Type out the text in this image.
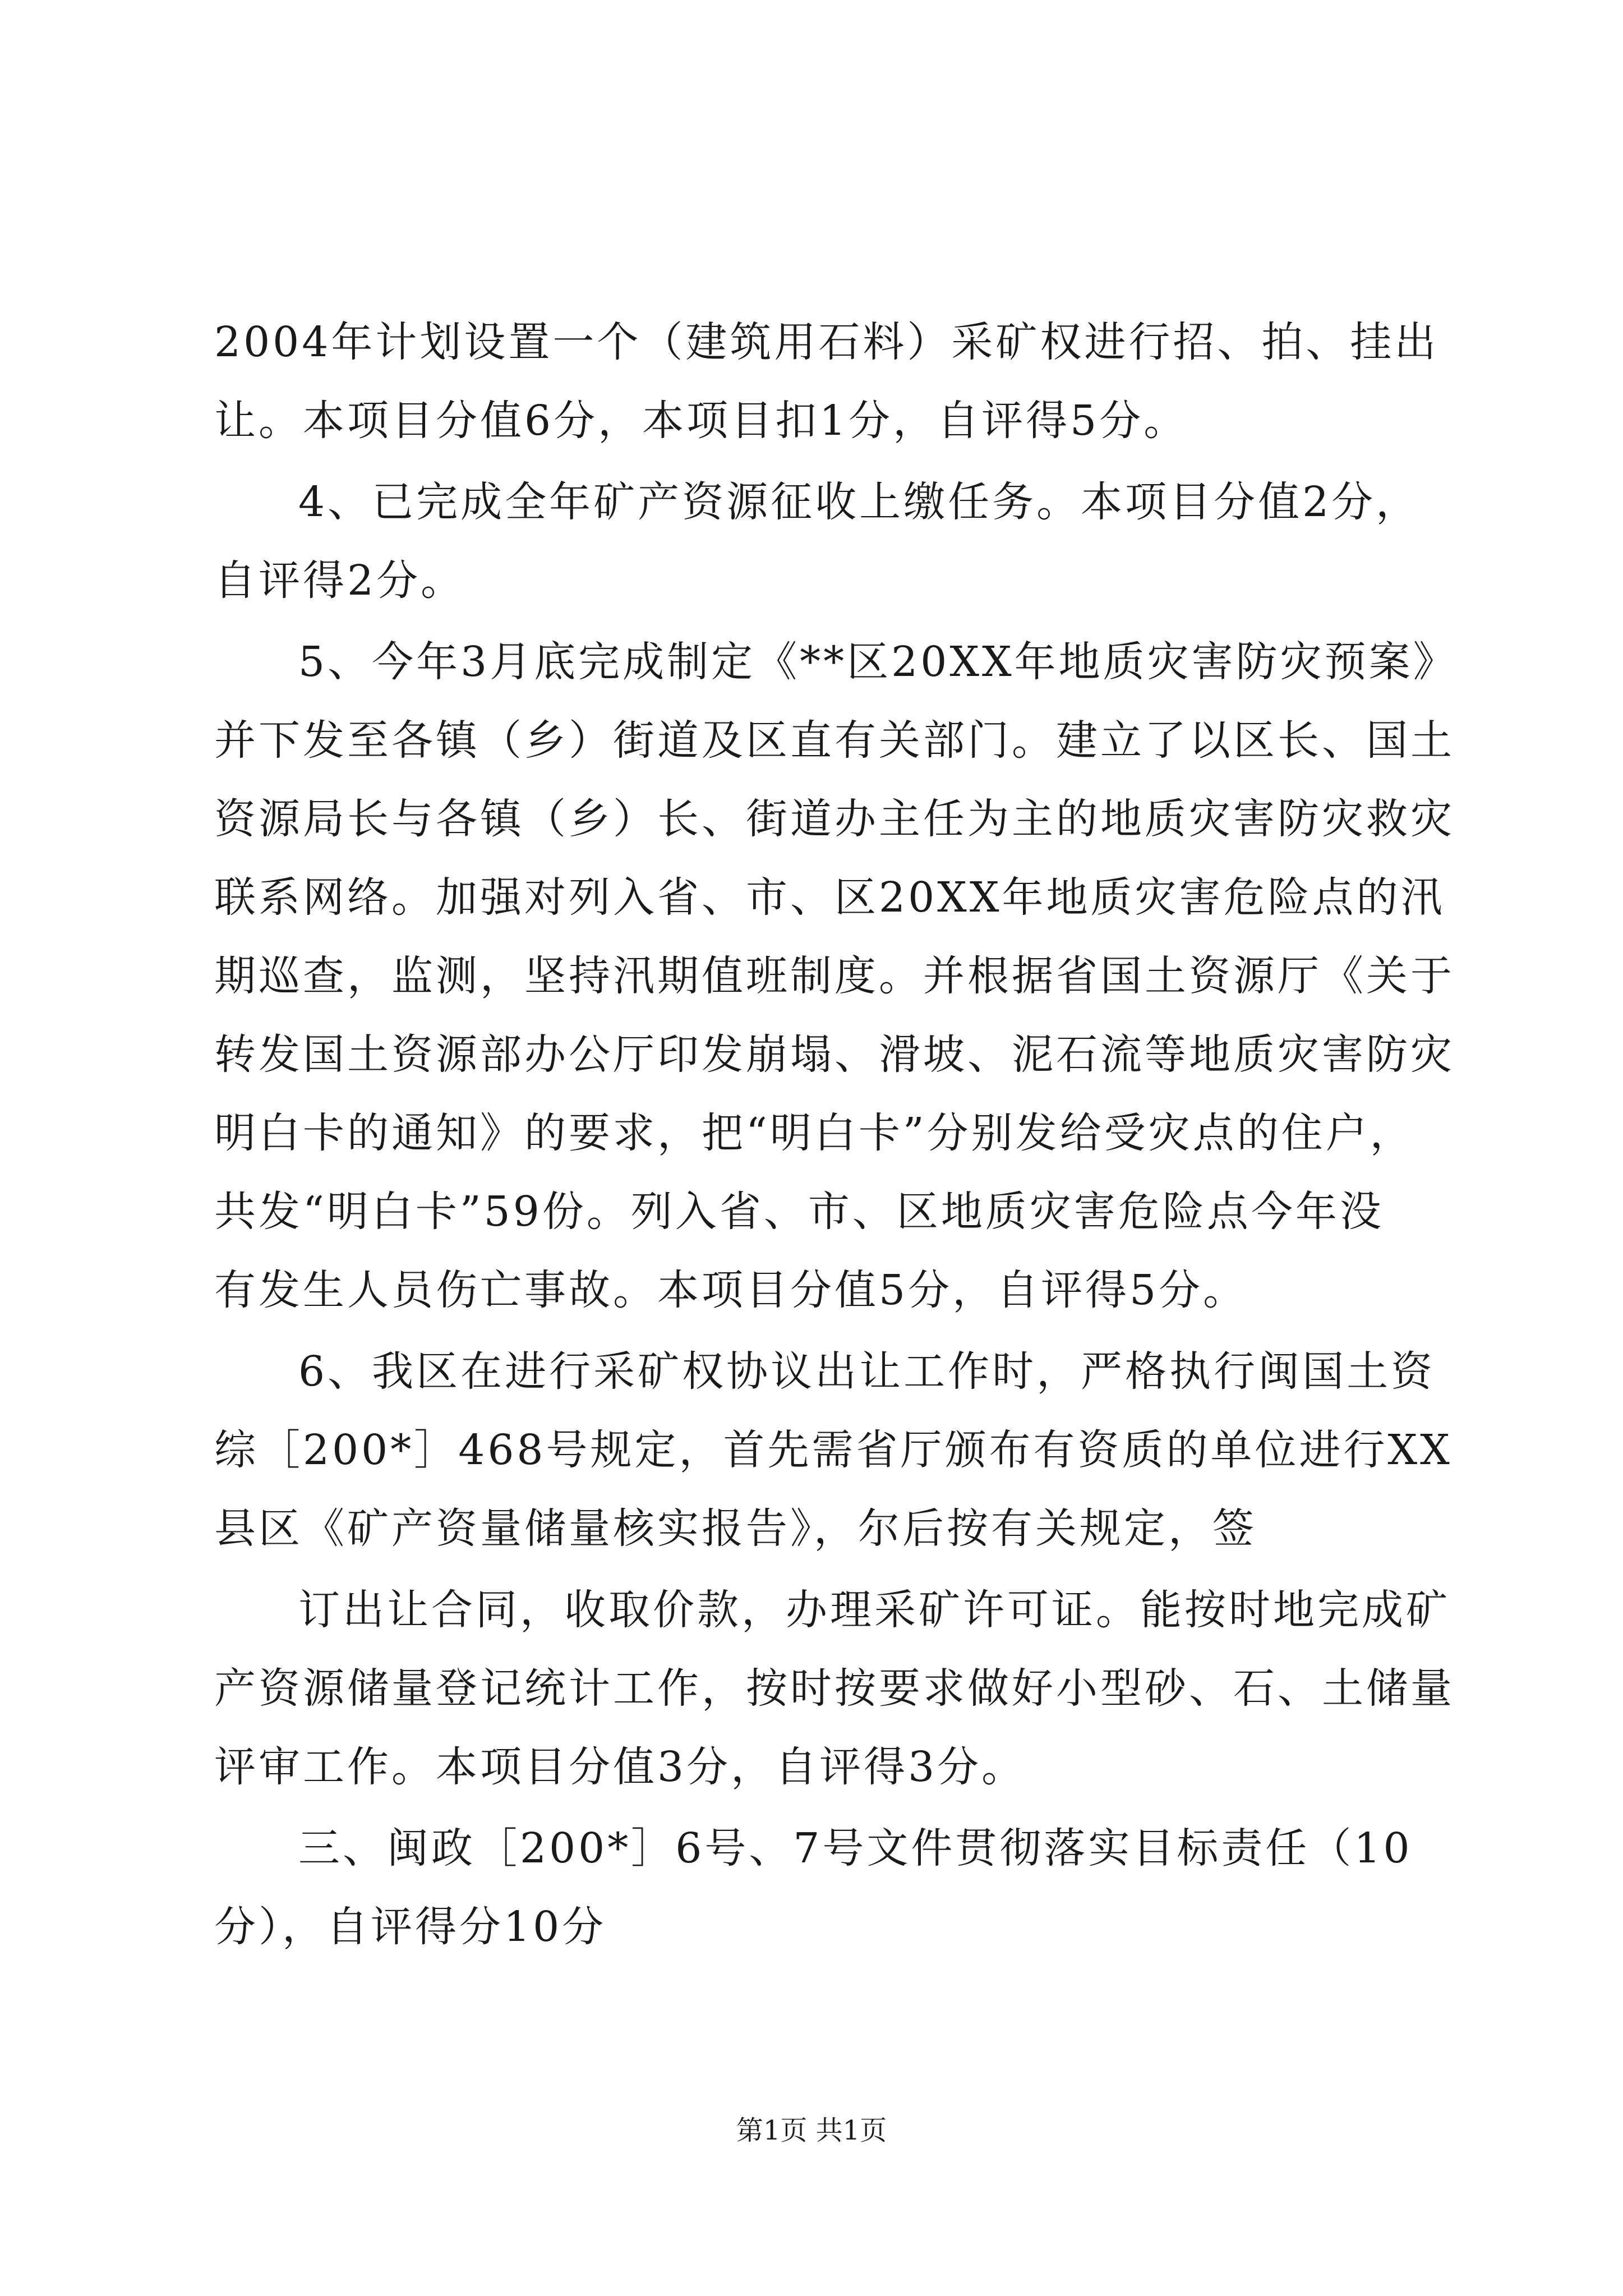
2004年计划设置一个（建筑用石料）采矿权进行招、拍、挂出
让。本项目分值6分，本项目扣1分，自评得5分。
4、已完成全年矿产资源征收上缴任务。本项目分值2分，
自评得2分。
5、今年3月底完成制定《**区20XX年地质灾害防灾预案》
并下发至各镇（乡）街道及区直有关部门。建立了以区长、国土
资源局长与各镇（乡）长、街道办主任为主的地质灾害防灾救灾
联系网络。加强对列入省、市、区20XX年地质灾害危险点的汛
期巡查，监测，坚持汛期值班制度。并根据省国土资源厅《关于
转发国土资源部办公厅印发崩塌、滑坡、泥石流等地质灾害防灾
明白卡的通知》的要求，把“明白卡”分别发给受灾点的住户，
共发“明白卡”59份。列入省、市、区地质灾害危险点今年没
有发生人员伤亡事故。本项目分值5分，自评得5分。
6、我区在进行采矿权协议出让工作时，严格执行闽国土资
综［200*］468号规定，首先需省厅颁布有资质的单位进行XX
县区《矿产资量储量核实报告》，尔后按有关规定，签
订出让合同，收取价款，办理采矿许可证。能按时地完成矿
产资源储量登记统计工作，按时按要求做好小型砂、石、土储量
评审工作。本项目分值3分，自评得3分。
三、闽政［200*］6号、7号文件贯彻落实目标责任（10
分），自评得分10分
第1页 共1页
